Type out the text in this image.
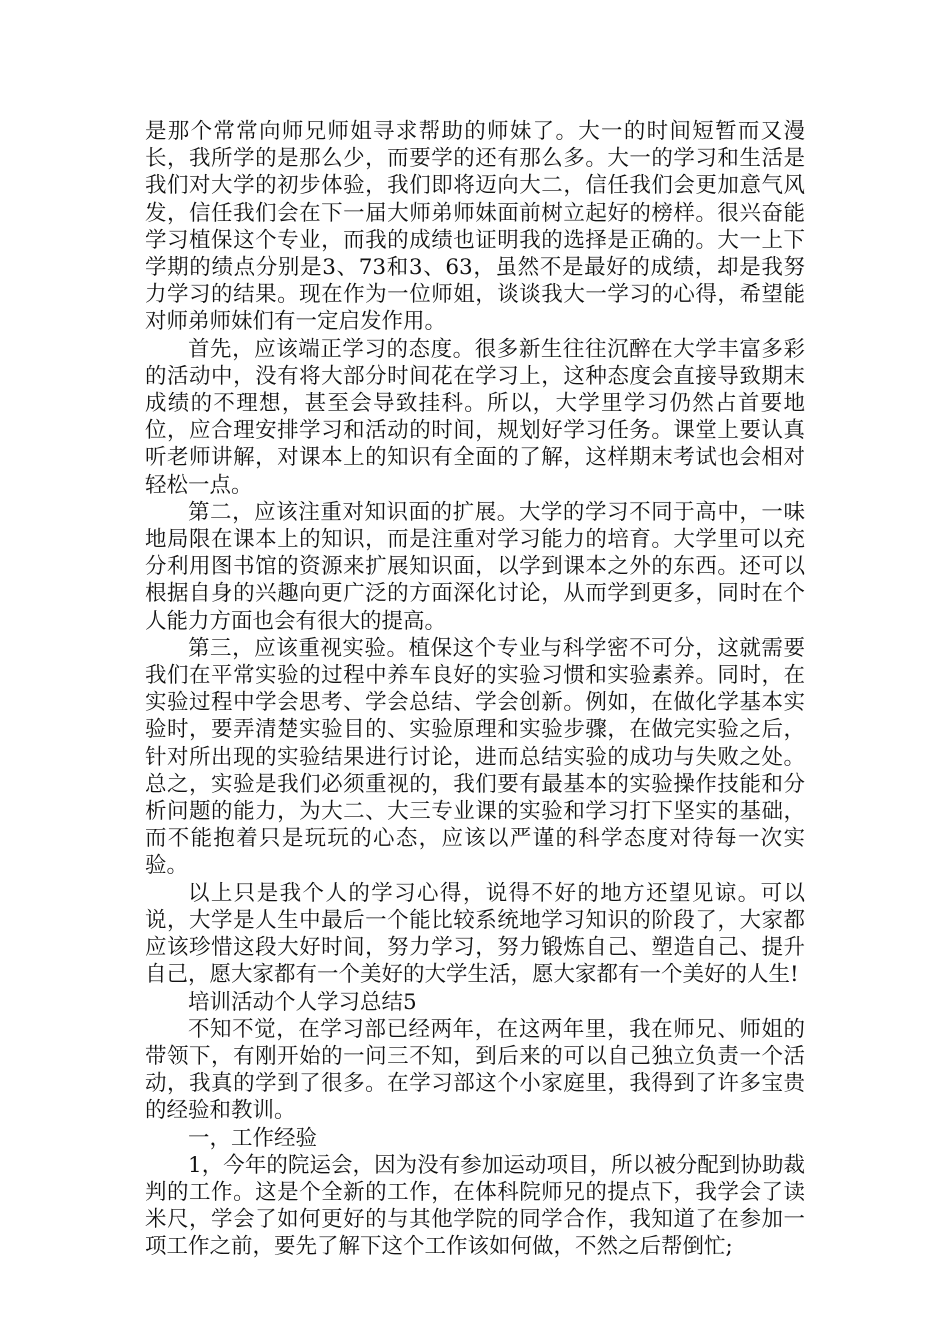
是那个常常向师兄师姐寻求帮助的师妹了。大一的时间短暂而又漫长，我所学的是那么少，而要学的还有那么多。大一的学习和生活是我们对大学的初步体验，我们即将迈向大二，信任我们会更加意气风发，信任我们会在下一届大师弟师妹面前树立起好的榜样。很兴奋能学习植保这个专业，而我的成绩也证明我的选择是正确的。大一上下学期的绩点分别是3、73和3、63，虽然不是最好的成绩，却是我努力学习的结果。现在作为一位师姐，谈谈我大一学习的心得，希望能对师弟师妹们有一定启发作用。

首先，应该端正学习的态度。很多新生往往沉醉在大学丰富多彩的活动中，没有将大部分时间花在学习上，这种态度会直接导致期末成绩的不理想，甚至会导致挂科。所以，大学里学习仍然占首要地位，应合理安排学习和活动的时间，规划好学习任务。课堂上要认真听老师讲解，对课本上的知识有全面的了解，这样期末考试也会相对轻松一点。

第二，应该注重对知识面的扩展。大学的学习不同于高中，一味地局限在课本上的知识，而是注重对学习能力的培育。大学里可以充分利用图书馆的资源来扩展知识面，以学到课本之外的东西。还可以根据自身的兴趣向更广泛的方面深化讨论，从而学到更多，同时在个人能力方面也会有很大的提高。

第三，应该重视实验。植保这个专业与科学密不可分，这就需要我们在平常实验的过程中养车良好的实验习惯和实验素养。同时，在实验过程中学会思考、学会总结、学会创新。例如，在做化学基本实验时，要弄清楚实验目的、实验原理和实验步骤，在做完实验之后，针对所出现的实验结果进行讨论，进而总结实验的成功与失败之处。总之，实验是我们必须重视的，我们要有最基本的实验操作技能和分析问题的能力，为大二、大三专业课的实验和学习打下坚实的基础，而不能抱着只是玩玩的心态，应该以严谨的科学态度对待每一次实验。

以上只是我个人的学习心得，说得不好的地方还望见谅。可以说，大学是人生中最后一个能比较系统地学习知识的阶段了，大家都应该珍惜这段大好时间，努力学习，努力锻炼自己、塑造自己、提升自己，愿大家都有一个美好的大学生活，愿大家都有一个美好的人生!

培训活动个人学习总结5

不知不觉，在学习部已经两年，在这两年里，我在师兄、师姐的带领下，有刚开始的一问三不知，到后来的可以自己独立负责一个活动，我真的学到了很多。在学习部这个小家庭里，我得到了许多宝贵的经验和教训。

一，工作经验

1，今年的院运会，因为没有参加运动项目，所以被分配到协助裁判的工作。这是个全新的工作，在体科院师兄的提点下，我学会了读米尺，学会了如何更好的与其他学院的同学合作，我知道了在参加一项工作之前，要先了解下这个工作该如何做，不然之后帮倒忙;
